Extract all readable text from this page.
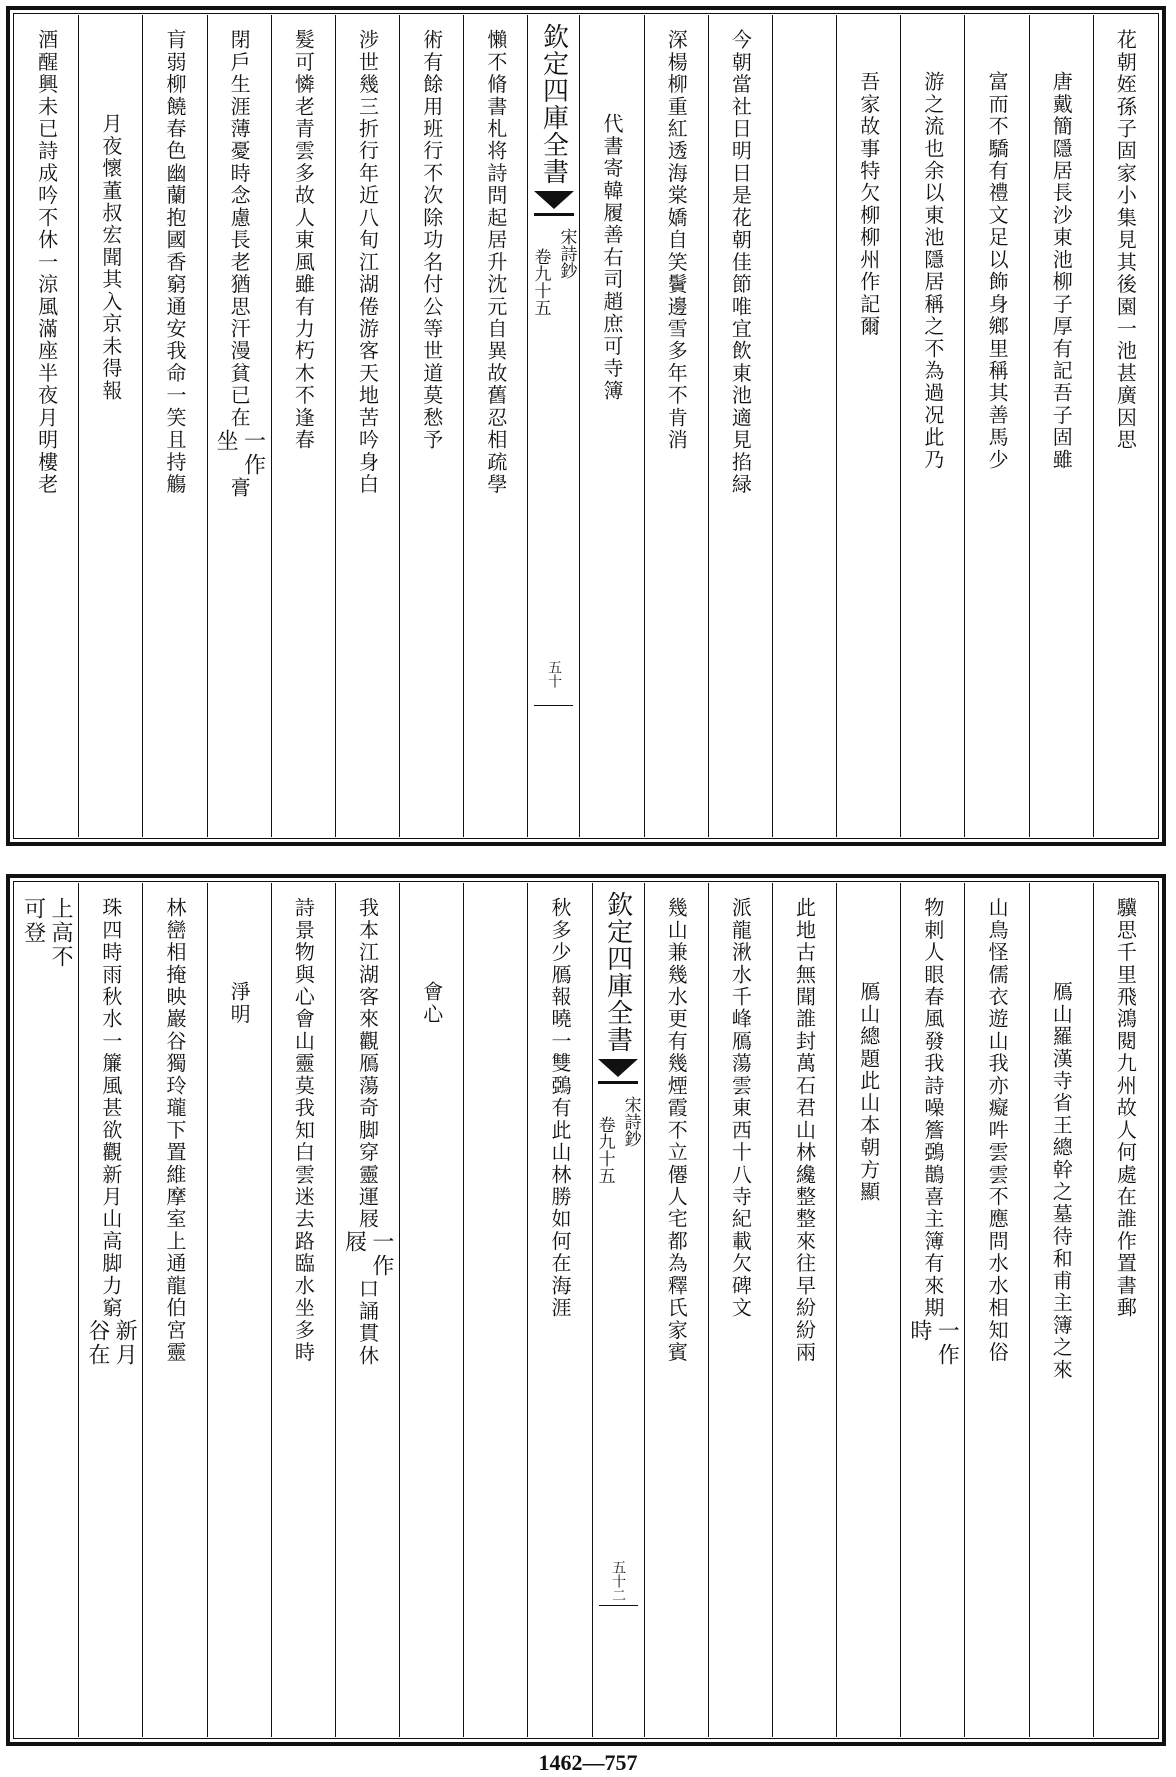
花朝姪孫子固家小集見其後園一池甚廣因思
唐戴簡隱居長沙東池柳子厚有記吾子固雖
富而不驕有禮文足以飾身鄉里稱其善馬少
游之流也余以東池隱居稱之不為過况此乃
吾家故事特欠柳柳州作記爾
今朝當社日明日是花朝佳節唯宜飲東池適見掐緑
深楊柳重紅透海棠嬌自笑鬢邊雪多年不肯消
代書寄韓履善右司趙庶可寺簿
欽定四庫全書
宋詩鈔
卷九十五
五十
懶不脩書札将詩問起居升沈元自異故舊忍相疏學
術有餘用班行不次除功名付公等世道莫愁予
涉世幾三折行年近八旬江湖倦游客天地苦吟身白
髮可憐老青雲多故人東風雖有力朽木不逢春
閉戶生涯薄憂時念慮長老猶思汗漫貧已在
一作
坐
膏
肓弱柳饒春色幽蘭抱國香窮通安我命一笑且持觴
月夜懷董叔宏聞其入京未得報
酒醒興未已詩成吟不休一涼風滿座半夜月明樓老
驥思千里飛鴻閱九州故人何處在誰作置書郵
鴈山羅漢寺省王總幹之墓待和甫主簿之來
山鳥怪儒衣遊山我亦癡吽雲雲不應問水水相知俗
物刺人眼春風發我詩噪簷鵶鵲喜主簿有來期
一作
時
鴈山總題此山本朝方顯
此地古無聞誰封萬石君山林纔整整來往早紛紛兩
派龍湫水千峰鴈蕩雲東西十八寺紀載欠碑文
幾山兼幾水更有幾煙霞不立僊人宅都為釋氏家賓
欽定四庫全書
宋詩鈔
卷九十五
五十二
秋多少鴈報曉一雙鵶有此山林勝如何在海涯
會心
我本江湖客來觀鴈蕩奇脚穿靈運屐
一作
屐
口誦貫休
詩景物與心會山靈莫我知白雲迷去路臨水坐多時
淨明
林巒相掩映巖谷獨玲瓏下置維摩室上通龍伯宮靈
珠四時雨秋水一簾風甚欲觀新月山高脚力窮
新月
谷在
上高不
可登
1462—757
